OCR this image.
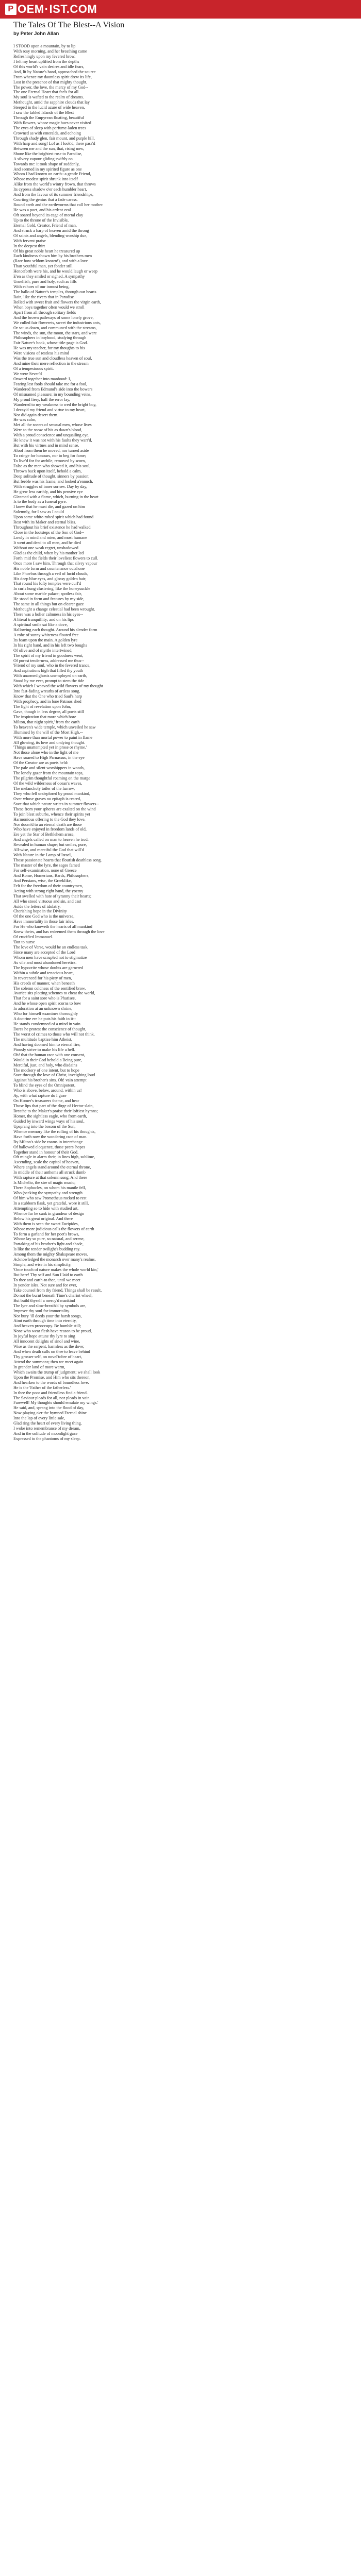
P OEM · IST.COM
The Tales Of The Blest--A Vision
by Peter John Allan
I STOOD upon a mountain, by to lip
With rosy morning, and her breathing came
Refreshingly upon my fevered brow.
I felt my heart uplifted from the depths
Of this world's vain desires and idle fears,
And, lit by Nature's hand, approached the source
From whence my dauntless spirit drew its life,
Lost in the presence of that mighty thought,
The power, the love, the mercy of my God--
The one Eternal Heart that feels for all.
My soul is wafted to the realm of dreams.
Methought, amid the sapphire clouds that lay
Steeped in the lucid azure of wide heaven,
I saw the fabled Islands of the Blest
Through the Empyrean floating, beautiful
With flowers, whose magic hues never visited
The eyes of sleep with perfume-laden trees
Crowned as with emeralds, and echoing
Through shady glen, fair mount, and purple hill,
With harp and song! Lo! as I look'd, there pass'd
Between me and the sun, that, rising now,
Shone like the brightest rose to Paradise,
A silvery vapour gliding swiftly on
Towards me: it took shape of suddenly,
And seemed in my spirited figure as one
Whom I had known on earth--a gentle Friend,
Whose modest spirit shrunk into itself
Alike from the world's wintry frown, that throws
Its cypress shadow o'er each humbler heart,
And from the favour of its summer friendships,
Courting the genius that a fade caress.
Round earth and the earthworms that call her mother.
He was a poet, and his ardent zeal
Oft soared beyond its cage of mortal clay
Up to the throne of the Invisible,
Eternal Gold, Creator, Friend of man,
And struck a harp of heaven amid the throng
Of saints and angels, blending worship due,
With fervent praise
In the deepest thirt
Of his great noble heart he treasured up
Each kindness shown him by his brothers men
(Rare how seldom known!), and with a love
Than youthful man, yet fonder still
Henceforth were his, and he would laugh or weep
E'en as they smiled or sighed. A sympathy
Unselfish, pure and holy, such as fills
With echoes of our inmost being,
The hallo of Nature's temples, through our hearts
Rain, like the rivers that in Paradise
Rolled with sweet fruit and flowers the virgin earth,
When boys together often would we stroll
Apart from all through solitary fields
And the brown pathways of some lonely grove,
We culled fair flowerets, sweet the industrious ants,
Or sat us down, and communed with the streams,
The winds, the sun, the moon, the stars, and were
Philosophers in boyhood, studying through
Fair Nature's book, whose title-page is God.
He was my teacher, for my thoughts to his
Were visions of restless his mind
Was the true sun and cloudless heaven of soul,
And mine their mere reflection in the stream
Of a tempestuous spirit.
We were Sever'd
Onward together into manhood: I,
Fearing lest fools should take me for a fool,
Wandered from Edmund's side into the bowers
Of misnamed pleasure; in my bounding veins,
My proud fiery, half the error lay,
Wandered to my weakness to wed the bright boy,
I decay'd my friend and virtue to my heart,
Nor did again desert them.
He was calm,
Met all the sneers of sensual men, whose lives
Were to the snow of his as dawn's blood,
With a proud conscience and unquailing eye.
He knew it was not with his faults they warr'd,
But with his virtues and in mind sense.
Aloof from them he moved, nor turned aside
To cringe for honours, nor to beg for fame;
To live'd for for awhile, removed by scorn,
False as the men who showed it, and his soul,
Thrown back upon itself, behold a calm,
Deep solitude of thought, sinners by passion;
But feeble was his frame, and looked a'ennuch,
With struggles of inner sorrow. Day by day,
He grew less earthly, and his pensive eye
Gleamed with a flame, which, burning in the heart
Is to the body as a funeral pyre.
I knew that he must die, and gazed on him
Solemnly, for I saw as I could
Upon some white-robed spirit which had found
Rest with its Maker and eternal bliss.
Throughout his brief existence he had walked
Close in the footsteps of the Son of God--
Lowly in mind and mien, and most humane
It went and deed to all men, and he died
Without one weak regret, unshadowed
Glad as the child, when by his mother led
Forth 'mid the fields their loveliest flowers to cull.
Once more I saw him. Through that silvry vapour
His noble form and countenance outshone
Like Phoebus through a veil of lucid clouds,
His deep blue eyes, and glossy golden hair,
That round his lofty temples were curl'd
In curls hung clustering, like the honeysuckle
About some marble palace; spotless fair,
He stood in form and features by my side,
The same in all things but on clearer gaze
Methought a change celestial had been wrought.
There was a holier calmness in his eyes--
A literal tranquillity; and on his lips
A spiritual smile sat like a dove,
Hallowing each thought. Around his slender form
A robe of sunny whiteness floated free
Its foam upon the main. A golden lyre
In his right hand, and in his left two boughs
Of olive and of myrtle intertwined,
The spirit of my friend in goodness went,
Of purest tenderness, addressed me thus--
'Friend of my soul, who in the fevered trance,
And aspirations high that filled thy youth
With unarmed ghosts unemployed on earth,
Stood by me ever, prompt to stem the tide
With which I weaved the wild flowers of my thought
Into fast-fading wreaths of artless song.
Know that the One who tried Saul's harp
With prophecy, and in lone Patmos shed
The light of revelation upon John,
Gave, though in less degree, all poets still
The inspiration that more which bore
Milton, that night spirit,' from the earth
To heaven's wide temple, which unveiled he saw
Illumined by the will of the Most High,--
With more than mortal power to paint in flame
All glowing, its love and undying thought.
'Things unattempted yet in prose or rhyme.'
Not those alone who in the light of me
Have soared to High Parnassus, in the eye
Of the Creator are as poets held:
The pale and silent worshippers in woods,
The lonely gazer from the mountain tops,
The pilgrim thoughtful roaming on the marge
Of the wild wilderness of ocean's waves,
The melancholy toiler of the furrow,
They who fell undeplored by proud mankind,
Over whose graves no epitaph is reared,
Save that which nature writes in summer flowers--
These from your spheres are exalted on the wind
To join blest suburbs, whence their spirits yet
Harmonious offering to the God they love.
Nor doom'd to an eternal death are those
Who have enjoyed in freedom lands of old,
Ere yet the Star of Bethlehem arose,
And angels called on man to heaven he trod.
Revealed in human shape; but smiles, pure,
All-wise, and merciful the God that will'd
With Nature in the Lamp of Israel,
Those passionate hearts that flourish deathless song.
The master of the lyre, the sages famed
For self-examination, none of Greece
And Rome, Homerians, Bards, Philosophers,
And Persians, wise, the Greeklike,
Felt for the freedom of their countrymen,
Acting with strong right hand, the yoemy
That swelled with hate of tyranny their hearts;
All who stood virtuous and sin, and cast
Aside the fetters of idolatry,
Cherishing hope in the Divinity
Of the one God who is the universe,
Have immortality in those fair isles.
For He who knoweth the hearts of all mankind
Knew theirs, and has redeemed them through the love
Of crucified Immanuel.
'But to nurse
The love of Verse, would be an endless task,
Since many are accepted of the Lord
Whom men have scrupled not to stigmatize
As vile and most abandoned heretics.
The hypocrite whose doubts are garnered
Within a subtle and tenacious heart,
In reverenced for his piety of men,
His creeds of manner, when beneath
The solemn coldness of the sentified brow,
Avarice sits plotting schemes to cheat the world,
That for a saint sore who is Pharisee,
And he whose open spirit scorns to bow
In adoration at an unknown shrine,
Who for himself examines thoroughly
A doctrine ere he puts his faith in it--
He stands condemned of a mind in vain.
Dares he protest the conscience of thought,
The worst of crimes to those who will not think.
The multitude baptize him Atheist,
And having doomed him to eternal fire,
Piously strive to make his life a hell.
Oh! that the human race with one consent,
Would in their God behold a Being pure,
Merciful, just, and holy, who disdains
The mockery of one intent, but to hope
Save through the love of Christ, inveighing loud
Against his brother's sins. Oh! vain attempt
To blind the eyes of the Omnipotent,
Who is above, below, around, within us!
Ay, with what rapture do I gaze
On Homer's treasurers theme, and hear
Those lips that part of the dirge of Hector slain,
Breathe to the Maker's praise their loftiest hymns;
Homer, the sightless eagle, who from earth,
Guided by inward wings ways of his soul,
Upsprang into the bosom of the Sun,
Whence memory like the rolling of his thoughts,
Have forth now the wondering race of man.
By Milton's side he roams in interchange
Of hallowed eloquence, those peers' hopes
Together stand in honour of their God.
Oft mingle in alarm their, in lines high, sublime,
Ascending, scale the capitol of heaven,
Where angels stand around the eternal throne,
In middle of their anthems all struck dumb
With rapture at that solemn song. And there
Is Michelio, the sire of magic music;
There Sophocles, on whom his mantle fell,
Who (seeking the sympathy and strength
Of him who saw Prometheus rocked to rest
In a stubborn flask, yet grateful, wore it still,
Attempting so to hide with studied art,
Whence far he sunk in grandeur of design
Below his great original. And there
With them is seen the sweet Euripides,
Whose more judicious calls the flowers of earth
To form a garland for her poet's brows,
Whose lay so pure, so natural, and serene,
Partaking of his brother's light and shade,
Is like the tender twilight's budding ray.
Among them the mighty Shakspeare moves,
Acknowledged the monarch over many's realms,
Simple, and wise in his simplicity,
'Once touch of nature makes the whole world kin,'
But here! Thy self and Sun I laid to earth
To thee and earth-to thee, until we meet
In yonder isles. Not sure and for ever,
Take counsel from thy friend, Things shall be result,
Do not the burnt beneath Time's chariot wheel,
But build thyself a mercy'd mankind
The lyre and slow-breath'd by symbols are,
Improve thy soul for immortality.
Nor bury 'ill deeds your the harsh songs,
Aimt earth through time into eternity,
And heaven preoccupy. Be humble still;
None who wear flesh have reason to be proud,
In joyful hope attune thy lyre to sing
All innocent delights of sinol and wine,
Wise as the serpent, harmless as the dove;
And when death calls on thee to leave behind
Thy grosser self, on novel'tobre of heart,
Attend the summons; then we meet again
In grander land of more warm,
Which awaits the trump of judgment; we shall look
Upon the Promise, and Him who sits thereon,
And hearken to the words of boundless love.
He is the 'Father of the fatherless.'
In thee the poor and friendless find a friend.
The Saviour pleads for all, nor pleads in vain.
Farewell! My thoughts should emulate my wings.'
He said, and, sprang into the flood of day,
Now playing o'er the hymned Eternal shine
Into the lap of every little sale,
Glad ring the heart of every living thing.
I woke into remembrance of my dream,
And in the solitude of moonlight gaze
Expressed to the phantoms of my sleep.
